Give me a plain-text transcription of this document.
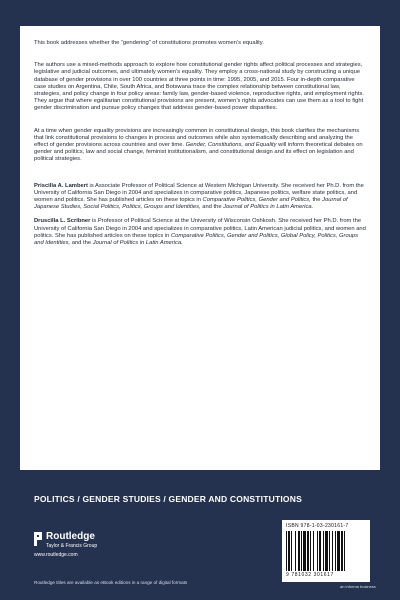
This book addresses whether the “gendering” of constitutions promotes women’s equality.

The authors use a mixed-methods approach to explore how constitutional gender rights affect political processes and strategies, legislative and judicial outcomes, and ultimately women’s equality. They employ a cross-national study by constructing a unique database of gender provisions in over 100 countries at three points in time: 1995, 2005, and 2015. Four in-depth comparative case studies on Argentina, Chile, South Africa, and Botswana trace the complex relationship between constitutional law, strategies, and policy change in four policy areas: family law, gender-based violence, reproductive rights, and employment rights. They argue that where egalitarian constitutional provisions are present, women’s rights advocates can use them as a tool to fight gender discrimination and pursue policy changes that address gender-based power disparities.

At a time when gender equality provisions are increasingly common in constitutional design, this book clarifies the mechanisms that link constitutional provisions to changes in process and outcomes while also systematically describing and analyzing the effect of gender provisions across countries and over time. Gender, Constitutions, and Equality will inform theoretical debates on gender and politics, law and social change, feminist institutionalism, and constitutional design and its effect on legislation and political strategies.

Priscilla A. Lambert is Associate Professor of Political Science at Western Michigan University. She received her Ph.D. from the University of California San Diego in 2004 and specializes in comparative politics, Japanese politics, welfare state politics, and women and politics. She has published articles on these topics in Comparative Politics, Gender and Politics, the Journal of Japanese Studies, Social Politics, Politics, Groups and Identities, and the Journal of Politics in Latin America.

Druscilla L. Scribner is Professor of Political Science at the University of Wisconsin Oshkosh. She received her Ph.D. from the University of California San Diego in 2004 and specializes in comparative politics, Latin American judicial politics, and women and politics. She has published articles on these topics in Comparative Politics, Gender and Politics, Global Policy, Politics, Groups and Identities, and the Journal of Politics in Latin America.

POLITICS / GENDER STUDIES / GENDER AND CONSTITUTIONS
Routledge
Taylor & Francis Group
www.routledge.com
Routledge titles are available as eBook editions in a range of digital formats
ISBN 978-1-03-230161-7
9 781032 301617
an informa business
